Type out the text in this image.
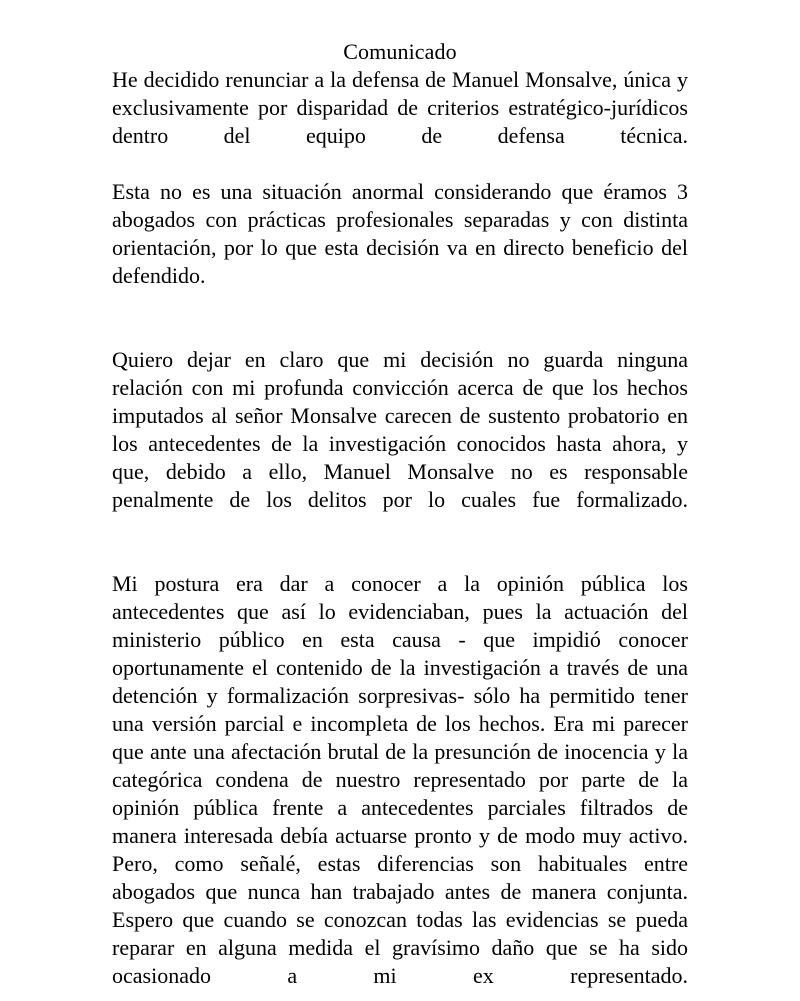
Comunicado

He decidido renunciar a la defensa de Manuel Monsalve, única y exclusivamente por disparidad de criterios estratégico-jurídicos dentro del equipo de defensa técnica.

Esta no es una situación anormal considerando que éramos 3 abogados con prácticas profesionales separadas y con distinta orientación, por lo que esta decisión va en directo beneficio del defendido.

Quiero dejar en claro que mi decisión no guarda ninguna relación con mi profunda convicción acerca de que los hechos imputados al señor Monsalve carecen de sustento probatorio en los antecedentes de la investigación conocidos hasta ahora, y que, debido a ello, Manuel Monsalve no es responsable penalmente de los delitos por lo cuales fue formalizado.

Mi postura era dar a conocer a la opinión pública los antecedentes que así lo evidenciaban, pues la actuación del ministerio público en esta causa - que impidió conocer oportunamente el contenido de la investigación a través de una detención y formalización sorpresivas- sólo ha permitido tener una versión parcial e incompleta de los hechos. Era mi parecer que ante una afectación brutal de la presunción de inocencia y la categórica condena de nuestro representado por parte de la opinión pública frente a antecedentes parciales filtrados de manera interesada debía actuarse pronto y de modo muy activo. Pero, como señalé, estas diferencias son habituales entre abogados que nunca han trabajado antes de manera conjunta. Espero que cuando se conozcan todas las evidencias se pueda reparar en alguna medida el gravísimo daño que se ha sido ocasionado a mi ex representado.
